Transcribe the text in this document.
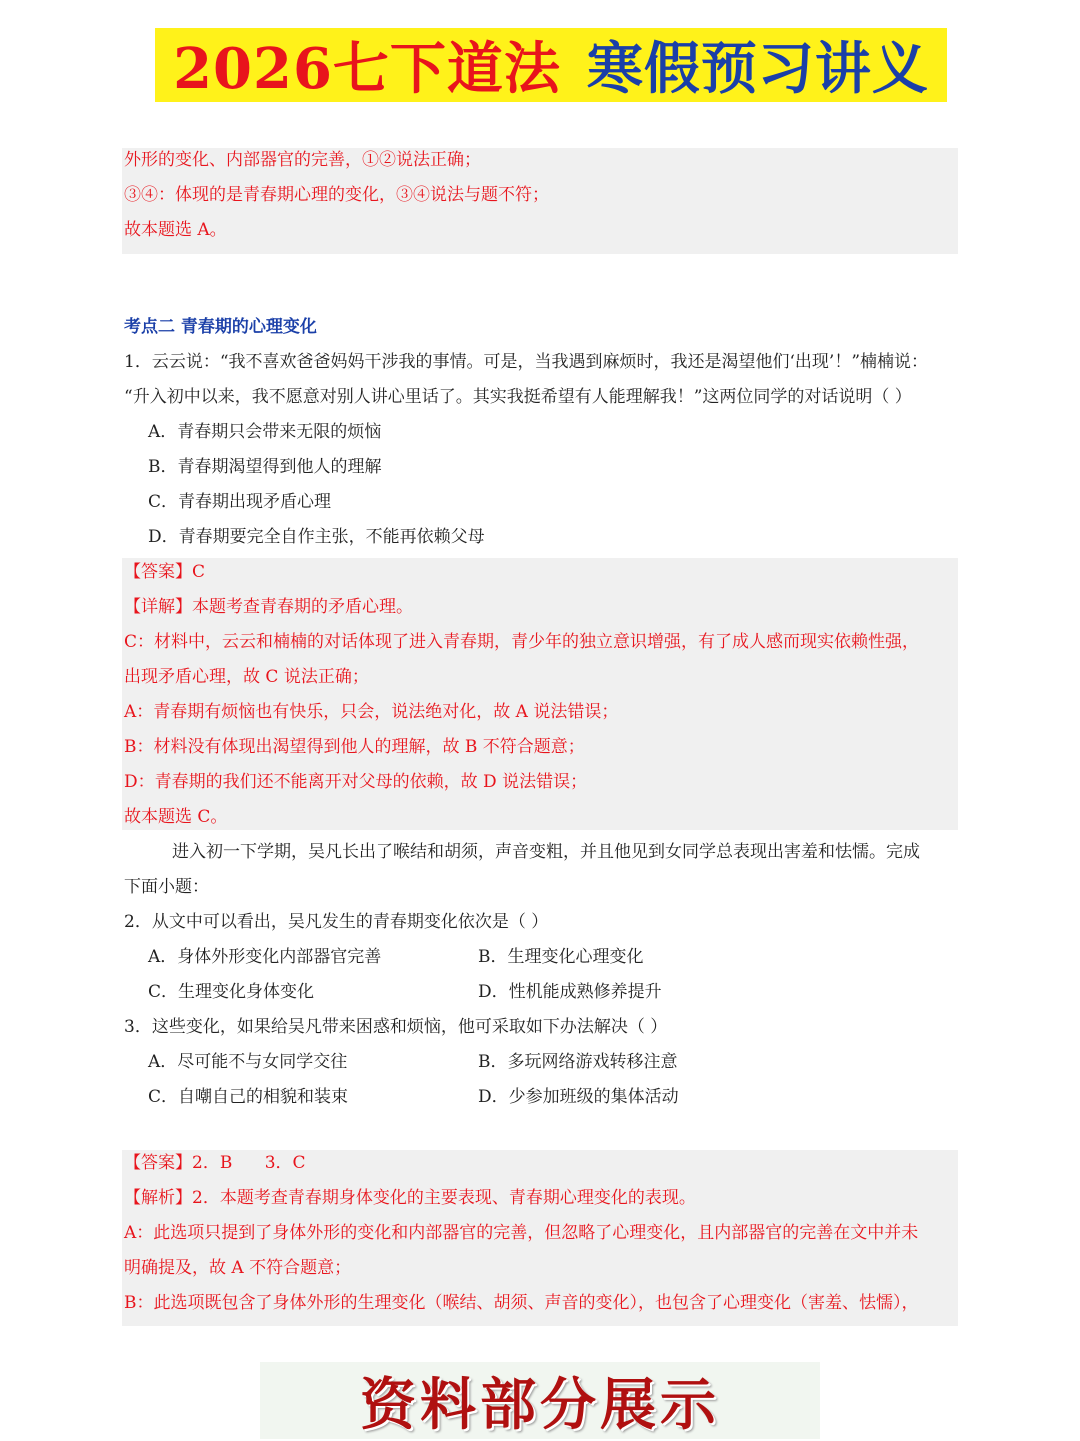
2026七下道法 寒假预习讲义
外形的变化、内部器官的完善，①②说法正确；
③④：体现的是青春期心理的变化，③④说法与题不符；
故本题选 A。
考点二 青春期的心理变化
1．云云说：“我不喜欢爸爸妈妈干涉我的事情。可是，当我遇到麻烦时，我还是渴望他们‘出现’！”楠楠说：
“升入初中以来，我不愿意对别人讲心里话了。其实我挺希望有人能理解我！”这两位同学的对话说明（ ）
A．青春期只会带来无限的烦恼
B．青春期渴望得到他人的理解
C．青春期出现矛盾心理
D．青春期要完全自作主张，不能再依赖父母
【答案】C
【详解】本题考查青春期的矛盾心理。
C：材料中，云云和楠楠的对话体现了进入青春期，青少年的独立意识增强，有了成人感而现实依赖性强，
出现矛盾心理，故 C 说法正确；
A：青春期有烦恼也有快乐，只会，说法绝对化，故 A 说法错误；
B：材料没有体现出渴望得到他人的理解，故 B 不符合题意；
D：青春期的我们还不能离开对父母的依赖，故 D 说法错误；
故本题选 C。
进入初一下学期，吴凡长出了喉结和胡须，声音变粗，并且他见到女同学总表现出害羞和怯懦。完成
下面小题：
2．从文中可以看出，吴凡发生的青春期变化依次是（ ）
A．身体外形变化内部器官完善	B．生理变化心理变化
C．生理变化身体变化	D．性机能成熟修养提升
3．这些变化，如果给吴凡带来困惑和烦恼，他可采取如下办法解决（ ）
A．尽可能不与女同学交往	B．多玩网络游戏转移注意
C．自嘲自己的相貌和装束	D．少参加班级的集体活动
【答案】2．B      3．C
【解析】2．本题考查青春期身体变化的主要表现、青春期心理变化的表现。
A：此选项只提到了身体外形的变化和内部器官的完善，但忽略了心理变化，且内部器官的完善在文中并未
明确提及，故 A 不符合题意；
B：此选项既包含了身体外形的生理变化（喉结、胡须、声音的变化），也包含了心理变化（害羞、怯懦），
资料部分展示
